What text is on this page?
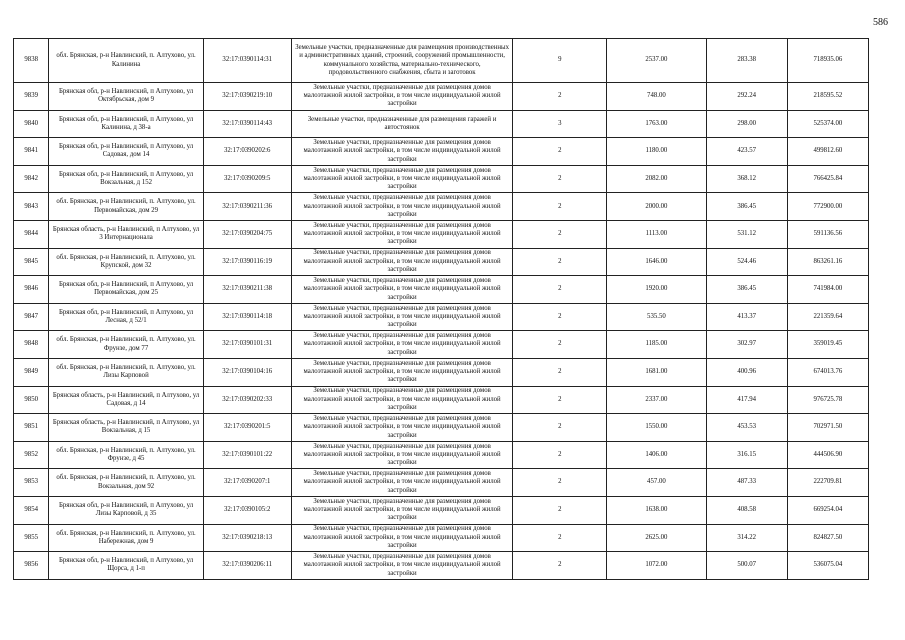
586
9838	обл. Брянская, р-н Навлинский, п. Алтухово, ул. Калинина	32:17:0390114:31	Земельные участки, предназначенные для размещения производственных и административных зданий, строений, сооружений промышленности, коммунального хозяйства, материально-технического, продовольственного снабжения, сбыта и заготовок	9	2537.00	283.38	718935.06
9839	Брянская обл, р-н Навлинский, п Алтухово, ул Октябрьская, дом 9	32:17:0390219:10	Земельные участки, предназначенные для размещения домов малоэтажной жилой застройки, в том числе индивидуальной жилой застройки	2	748.00	292.24	218595.52
9840	Брянская обл, р-н Навлинский, п Алтухово, ул Калинина, д 38-а	32:17:0390114:43	Земельные участки, предназначенные для размещения гаражей и автостоянок	3	1763.00	298.00	525374.00
9841	Брянская обл, р-н Навлинский, п Алтухово, ул Садовая, дом 14	32:17:0390202:6	Земельные участки, предназначенные для размещения домов малоэтажной жилой застройки, в том числе индивидуальной жилой застройки	2	1180.00	423.57	499812.60
9842	Брянская обл, р-н Навлинский, п Алтухово, ул Вокзальная, д 152	32:17:0390209:5	Земельные участки, предназначенные для размещения домов малоэтажной жилой застройки, в том числе индивидуальной жилой застройки	2	2082.00	368.12	766425.84
9843	обл. Брянская, р-н Навлинский, п. Алтухово, ул. Первомайская, дом 29	32:17:0390211:36	Земельные участки, предназначенные для размещения домов малоэтажной жилой застройки, в том числе индивидуальной жилой застройки	2	2000.00	386.45	772900.00
9844	Брянская область, р-н Навлинский, п Алтухово, ул 3 Интернационала	32:17:0390204:75	Земельные участки, предназначенные для размещения домов малоэтажной жилой застройки, в том числе индивидуальной жилой застройки	2	1113.00	531.12	591136.56
9845	обл. Брянская, р-н Навлинский, п. Алтухово, ул. Крупской, дом 32	32:17:0390116:19	Земельные участки, предназначенные для размещения домов малоэтажной жилой застройки, в том числе индивидуальной жилой застройки	2	1646.00	524.46	863261.16
9846	Брянская обл, р-н Навлинский, п Алтухово, ул Первомайская, дом 25	32:17:0390211:38	Земельные участки, предназначенные для размещения домов малоэтажной жилой застройки, в том числе индивидуальной жилой застройки	2	1920.00	386.45	741984.00
9847	Брянская обл, р-н Навлинский, п Алтухово, ул Лесная, д 52/1	32:17:0390114:18	Земельные участки, предназначенные для размещения домов малоэтажной жилой застройки, в том числе индивидуальной жилой застройки	2	535.50	413.37	221359.64
9848	обл. Брянская, р-н Навлинский, п. Алтухово, ул. Фрунзе, дом 77	32:17:0390101:31	Земельные участки, предназначенные для размещения домов малоэтажной жилой застройки, в том числе индивидуальной жилой застройки	2	1185.00	302.97	359019.45
9849	обл. Брянская, р-н Навлинский, п. Алтухово, ул. Лизы Карповой	32:17:0390104:16	Земельные участки, предназначенные для размещения домов малоэтажной жилой застройки, в том числе индивидуальной жилой застройки	2	1681.00	400.96	674013.76
9850	Брянская область, р-н Навлинский, п Алтухово, ул Садовая, д 14	32:17:0390202:33	Земельные участки, предназначенные для размещения домов малоэтажной жилой застройки, в том числе индивидуальной жилой застройки	2	2337.00	417.94	976725.78
9851	Брянская область, р-н Навлинский, п Алтухово, ул Вокзальная, д 15	32:17:0390201:5	Земельные участки, предназначенные для размещения домов малоэтажной жилой застройки, в том числе индивидуальной жилой застройки	2	1550.00	453.53	702971.50
9852	обл. Брянская, р-н Навлинский, п. Алтухово, ул. Фрунзе, д 45	32:17:0390101:22	Земельные участки, предназначенные для размещения домов малоэтажной жилой застройки, в том числе индивидуальной жилой застройки	2	1406.00	316.15	444506.90
9853	обл. Брянская, р-н Навлинский, п. Алтухово, ул. Вокзальная, дом 92	32:17:0390207:1	Земельные участки, предназначенные для размещения домов малоэтажной жилой застройки, в том числе индивидуальной жилой застройки	2	457.00	487.33	222709.81
9854	Брянская обл, р-н Навлинский, п Алтухово, ул Лизы Карповой, д 35	32:17:0390105:2	Земельные участки, предназначенные для размещения домов малоэтажной жилой застройки, в том числе индивидуальной жилой застройки	2	1638.00	408.58	669254.04
9855	обл. Брянская, р-н Навлинский, п. Алтухово, ул. Набережная, дом 9	32:17:0390218:13	Земельные участки, предназначенные для размещения домов малоэтажной жилой застройки, в том числе индивидуальной жилой застройки	2	2625.00	314.22	824827.50
9856	Брянская обл, р-н Навлинский, п Алтухово, ул Щорса, д 1-п	32:17:0390206:11	Земельные участки, предназначенные для размещения домов малоэтажной жилой застройки, в том числе индивидуальной жилой застройки	2	1072.00	500.07	536075.04
